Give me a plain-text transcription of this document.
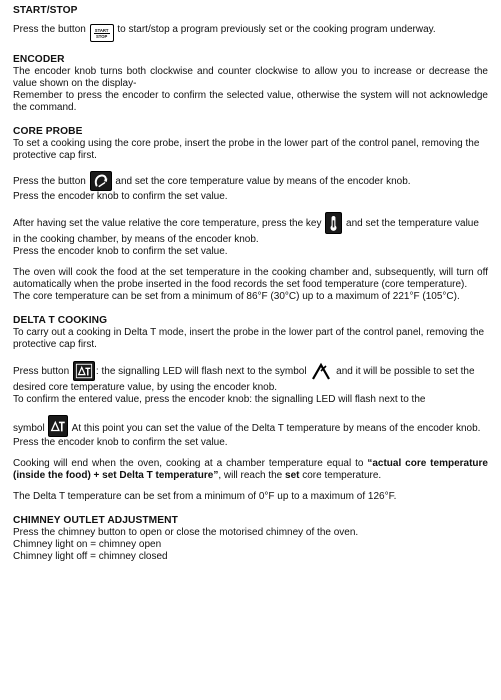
START/STOP

Press the button	START
STOP
to start/stop a program previously set or the cooking program underway.

ENCODER

The encoder knob turns both clockwise and counter clockwise to allow you to increase or decrease the value shown on the display-

Remember to press the encoder to confirm the selected value, otherwise the system will not acknowledge the command.

CORE PROBE

To set a cooking using the core probe, insert the probe in the lower part of the control panel, removing the protective cap first.

Press the button
and set the core temperature value by means of the encoder knob.

Press the encoder knob to confirm the set value.

After having set the value relative the core temperature, press the key
and set the temperature value in the cooking chamber, by means of the encoder knob.

Press the encoder knob to confirm the set value.

The oven will cook the food at the set temperature in the cooking chamber and, subsequently, will turn off automatically when the probe inserted in the food records the set food temperature (core temperature).

The core temperature can be set from a minimum of 86°F (30°C) up to a maximum of 221°F (105°C).

DELTA T COOKING

To carry out a cooking in Delta T mode, insert the probe in the lower part of the control panel, removing the protective cap first.

Press button
: the signalling LED will flash next to the symbol
and it will be possible to set the desired core temperature value, by using the encoder knob.

To confirm the entered value, press the encoder knob: the signalling LED will flash next to the

symbol
At this point you can set the value of the Delta T temperature by means of the encoder knob.

Press the encoder knob to confirm the set value.

Cooking will end when the oven, cooking at a chamber temperature equal to “actual core temperature (inside the food) + set Delta T temperature”, will reach the set core temperature.

The Delta T temperature can be set from a minimum of 0°F up to a maximum of 126°F.

CHIMNEY OUTLET ADJUSTMENT

Press the chimney button to open or close the motorised chimney of the oven.

Chimney light on = chimney open

Chimney light off = chimney closed
